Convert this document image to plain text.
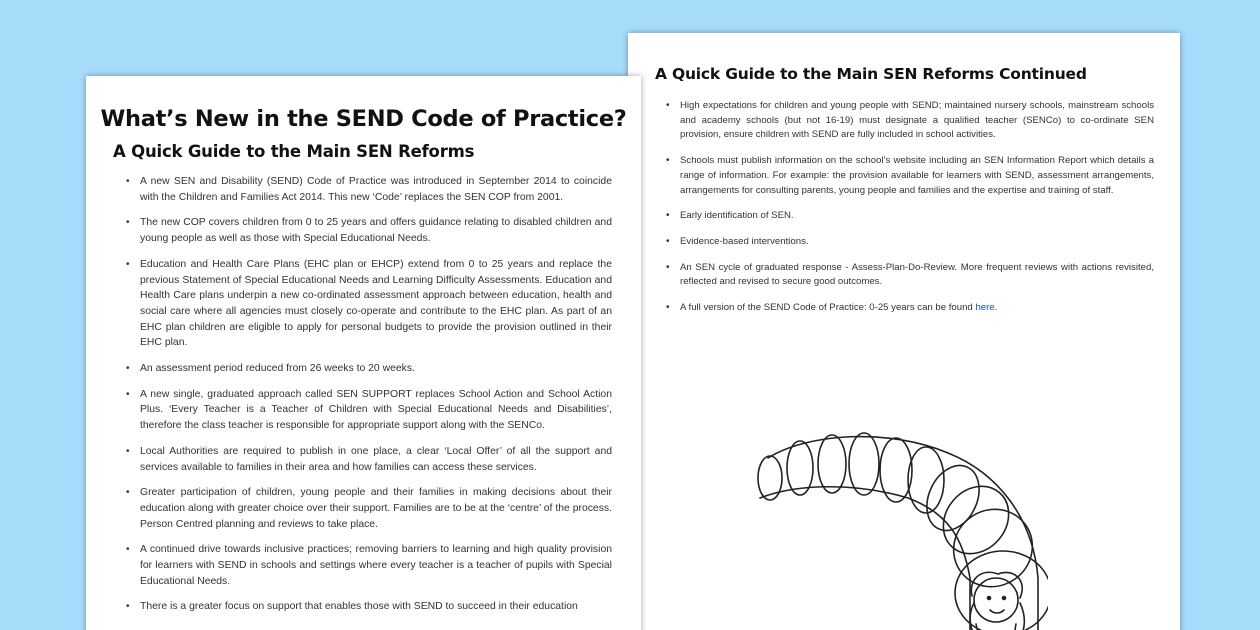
A Quick Guide to the Main SEN Reforms Continued
• High expectations for children and young people with SEND; maintained nursery schools, mainstream schools and academy schools (but not 16-19) must designate a qualified teacher (SENCo) to co-ordinate SEN provision, ensure children with SEND are fully included in school activities.
• Schools must publish information on the school’s website including an SEN Information Report which details a range of information. For example: the provision available for learners with SEND, assessment arrangements, arrangements for consulting parents, young people and families and the expertise and training of staff.
• Early identification of SEN.
• Evidence-based interventions.
• An SEN cycle of graduated response - Assess-Plan-Do-Review. More frequent reviews with actions revisited, reflected and revised to secure good outcomes.
• A full version of the SEND Code of Practice: 0-25 years can be found here.
What’s New in the SEND Code of Practice?
A Quick Guide to the Main SEN Reforms
• A new SEN and Disability (SEND) Code of Practice was introduced in September 2014 to coincide with the Children and Families Act 2014. This new ‘Code’ replaces the SEN COP from 2001.
• The new COP covers children from 0 to 25 years and offers guidance relating to disabled children and young people as well as those with Special Educational Needs.
• Education and Health Care Plans (EHC plan or EHCP) extend from 0 to 25 years and replace the previous Statement of Special Educational Needs and Learning Difficulty Assessments. Education and Health Care plans underpin a new co-ordinated assessment approach between education, health and social care where all agencies must closely co-operate and contribute to the EHC plan. As part of an EHC plan children are eligible to apply for personal budgets to provide the provision outlined in their EHC plan.
• An assessment period reduced from 26 weeks to 20 weeks.
• A new single, graduated approach called SEN SUPPORT replaces School Action and School Action Plus. ‘Every Teacher is a Teacher of Children with Special Educational Needs and Disabilities’, therefore the class teacher is responsible for appropriate support along with the SENCo.
• Local Authorities are required to publish in one place, a clear ‘Local Offer’ of all the support and services available to families in their area and how families can access these services.
• Greater participation of children, young people and their families in making decisions about their education along with greater choice over their support. Families are to be at the ‘centre’ of the process. Person Centred planning and reviews to take place.
• A continued drive towards inclusive practices; removing barriers to learning and high quality provision for learners with SEND in schools and settings where every teacher is a teacher of pupils with Special Educational Needs.
• There is a greater focus on support that enables those with SEND to succeed in their education
